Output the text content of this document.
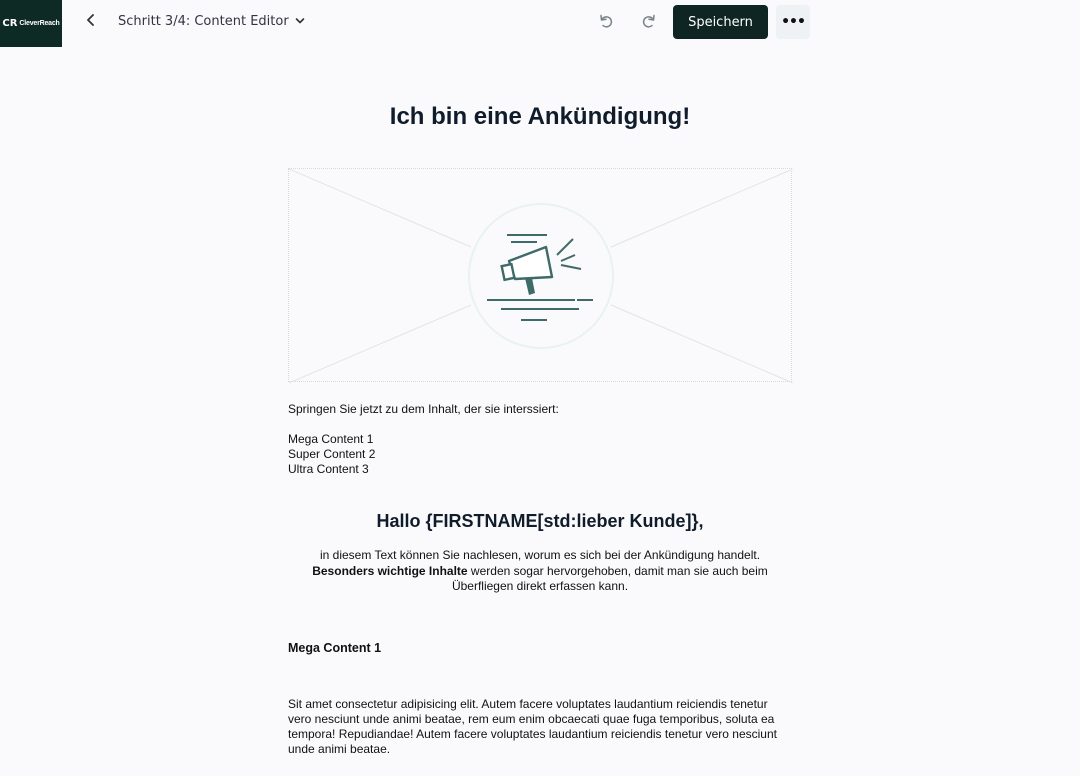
CR CleverReach	Schritt 3/4: Content Editor	Speichern	•••
Ich bin eine Ankündigung!
Springen Sie jetzt zu dem Inhalt, der sie interssiert:
Mega Content 1
Super Content 2
Ultra Content 3
Hallo {FIRSTNAME[std:lieber Kunde]},
in diesem Text können Sie nachlesen, worum es sich bei der Ankündigung handelt.
Besonders wichtige Inhalte werden sogar hervorgehoben, damit man sie auch beim Überfliegen direkt erfassen kann.
Mega Content 1
Sit amet consectetur adipisicing elit. Autem facere voluptates laudantium reiciendis tenetur vero nesciunt unde animi beatae, rem eum enim obcaecati quae fuga temporibus, soluta ea tempora! Repudiandae! Autem facere voluptates laudantium reiciendis tenetur vero nesciunt unde animi beatae.
